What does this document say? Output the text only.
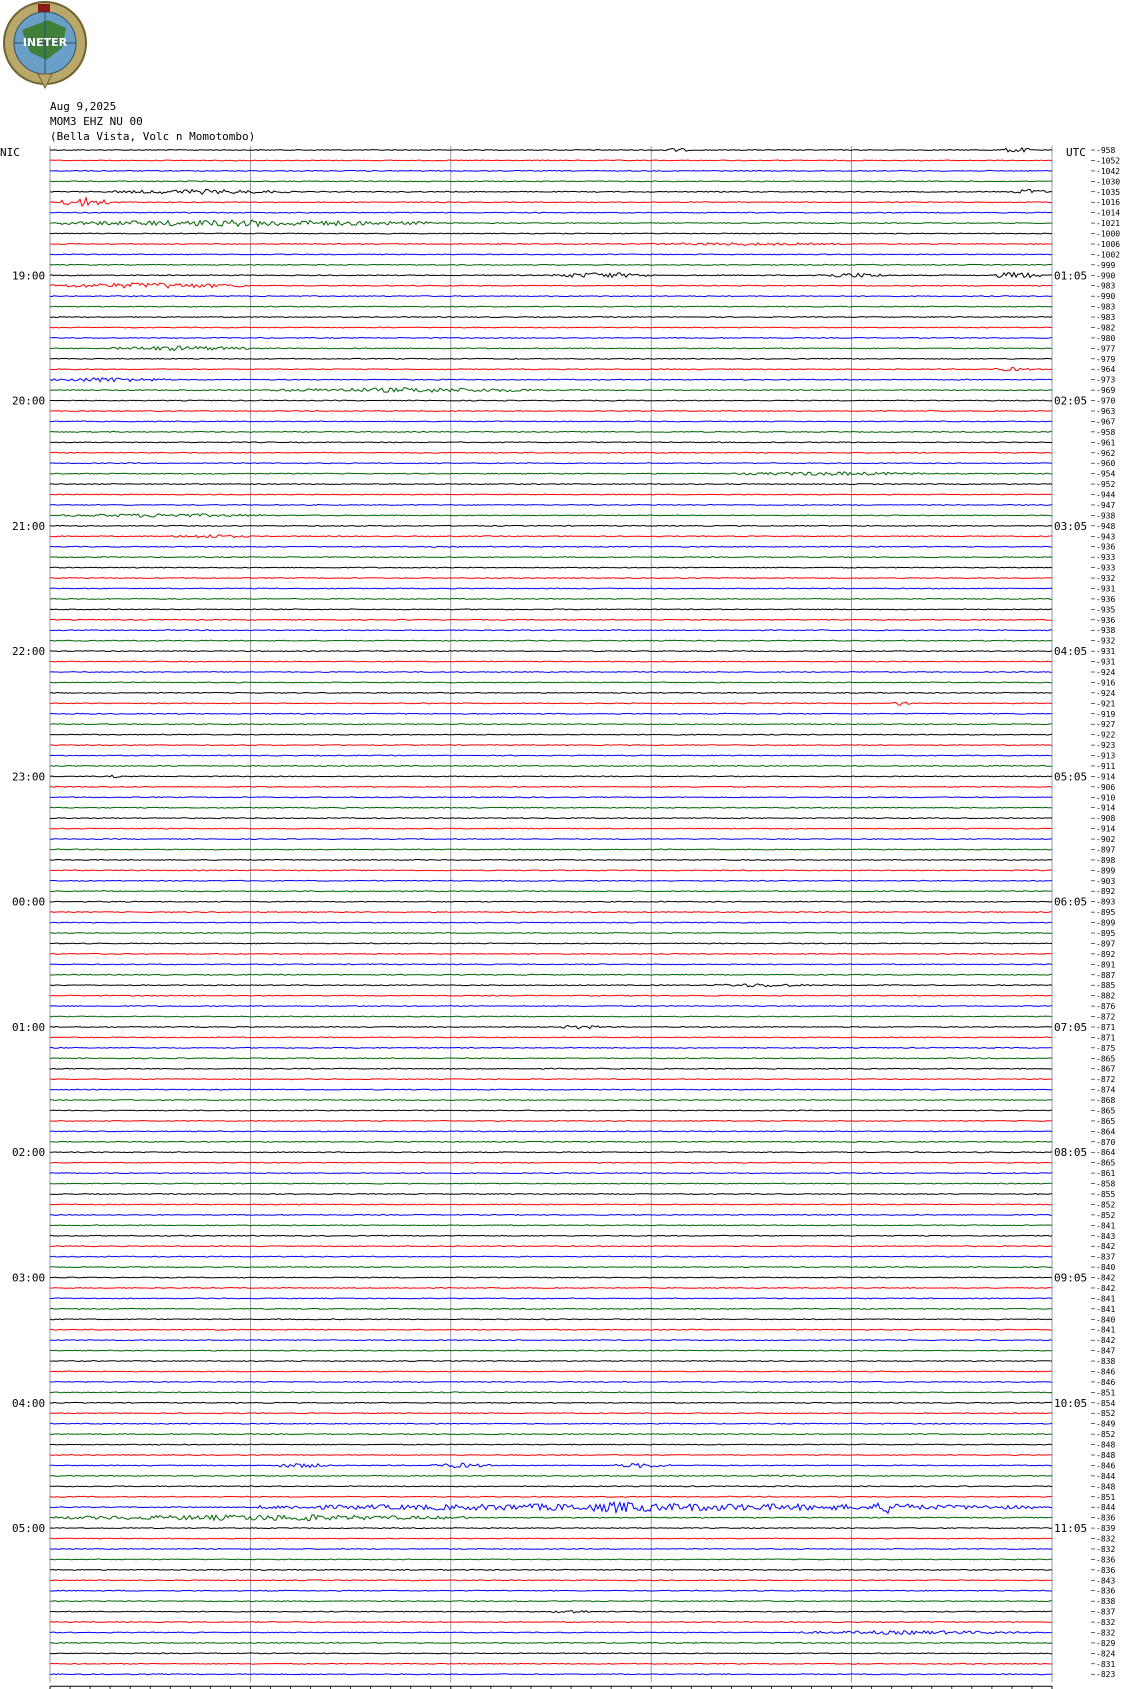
INETER
Aug 9,2025
MOM3 EHZ NU 00
(Bella Vista, Volc n Momotombo)
NIC	UTC -958
-1052
-1042
-1030
-1035
-1016
-1014
-1021
-1000
-1006
-1002
-999
-990
-983
-990
-983
-983
-982
-980
-977
-979
-964
-973
-969
-970
-963
-967
-958
-961
-962
-960
-954
-952
-944
-947
-938
-948
-943
-936
-933
-933
-932
-931
-936
-935
-936
-938
-932
-931
-931
-924
-916
-924
-921
-919
-927
-922
-923
-913
-911
-914
-906
-910
-914
-908
-914
-902
-897
-898
-899
-903
-892
-893
-895
-899
-895
-897
-892
-891
-887
-885
-882
-876
-872
-871
-871
-875
-865
-867
-872
-874
-868
-865
-865
-864
-870
-864
-865
-861
-858
-855
-852
-852
-841
-843
-842
-837
-840
-842
-842
-841
-841
-840
-841
-842
-847
-838
-846
-846
-851
-854
-852
-849
-852
-848
-848
-846
-844
-848
-851
-844
-836
-839
-832
-832
-836
-836
-843
-836
-838
-837
-832
-832
-829
-824
-831
-823
19:00	01:05
20:00	02:05
21:00	03:05
22:00	04:05
23:00	05:05
00:00	06:05
01:00	07:05
02:00	08:05
03:00	09:05
04:00	10:05
05:00	11:05
